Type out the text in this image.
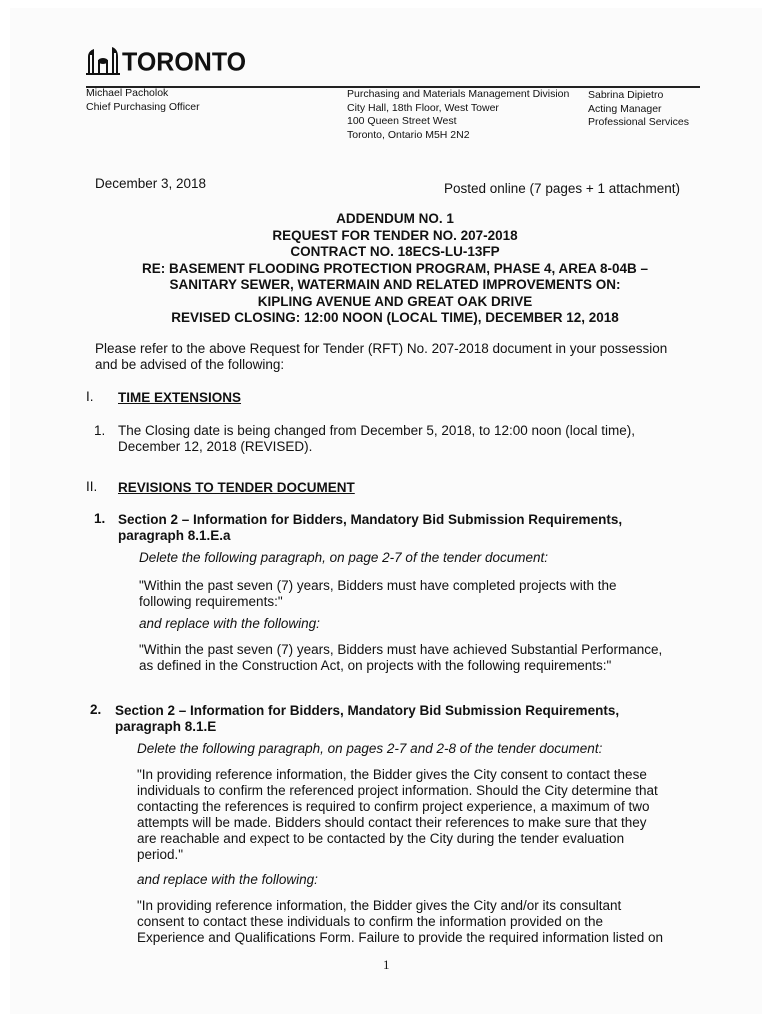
TORONTO
Michael Pacholok
Chief Purchasing Officer
Purchasing and Materials Management Division
City Hall, 18th Floor, West Tower
100 Queen Street West
Toronto, Ontario M5H 2N2
Sabrina Dipietro
Acting Manager
Professional Services
December 3, 2018	Posted online (7 pages + 1 attachment)
ADDENDUM NO. 1
REQUEST FOR TENDER NO. 207-2018
CONTRACT NO. 18ECS-LU-13FP
RE: BASEMENT FLOODING PROTECTION PROGRAM, PHASE 4, AREA 8-04B –
SANITARY SEWER, WATERMAIN AND RELATED IMPROVEMENTS ON:
KIPLING AVENUE AND GREAT OAK DRIVE
REVISED CLOSING: 12:00 NOON (LOCAL TIME), DECEMBER 12, 2018
Please refer to the above Request for Tender (RFT) No. 207-2018 document in your possession
and be advised of the following:
I. TIME EXTENSIONS
1. The Closing date is being changed from December 5, 2018, to 12:00 noon (local time),
December 12, 2018 (REVISED).
II. REVISIONS TO TENDER DOCUMENT
1. Section 2 – Information for Bidders, Mandatory Bid Submission Requirements,
paragraph 8.1.E.a
Delete the following paragraph, on page 2-7 of the tender document:
"Within the past seven (7) years, Bidders must have completed projects with the
following requirements:"
and replace with the following:
"Within the past seven (7) years, Bidders must have achieved Substantial Performance,
as defined in the Construction Act, on projects with the following requirements:"
2. Section 2 – Information for Bidders, Mandatory Bid Submission Requirements,
paragraph 8.1.E
Delete the following paragraph, on pages 2-7 and 2-8 of the tender document:
"In providing reference information, the Bidder gives the City consent to contact these
individuals to confirm the referenced project information. Should the City determine that
contacting the references is required to confirm project experience, a maximum of two
attempts will be made. Bidders should contact their references to make sure that they
are reachable and expect to be contacted by the City during the tender evaluation
period."
and replace with the following:
"In providing reference information, the Bidder gives the City and/or its consultant
consent to contact these individuals to confirm the information provided on the
Experience and Qualifications Form. Failure to provide the required information listed on
1
